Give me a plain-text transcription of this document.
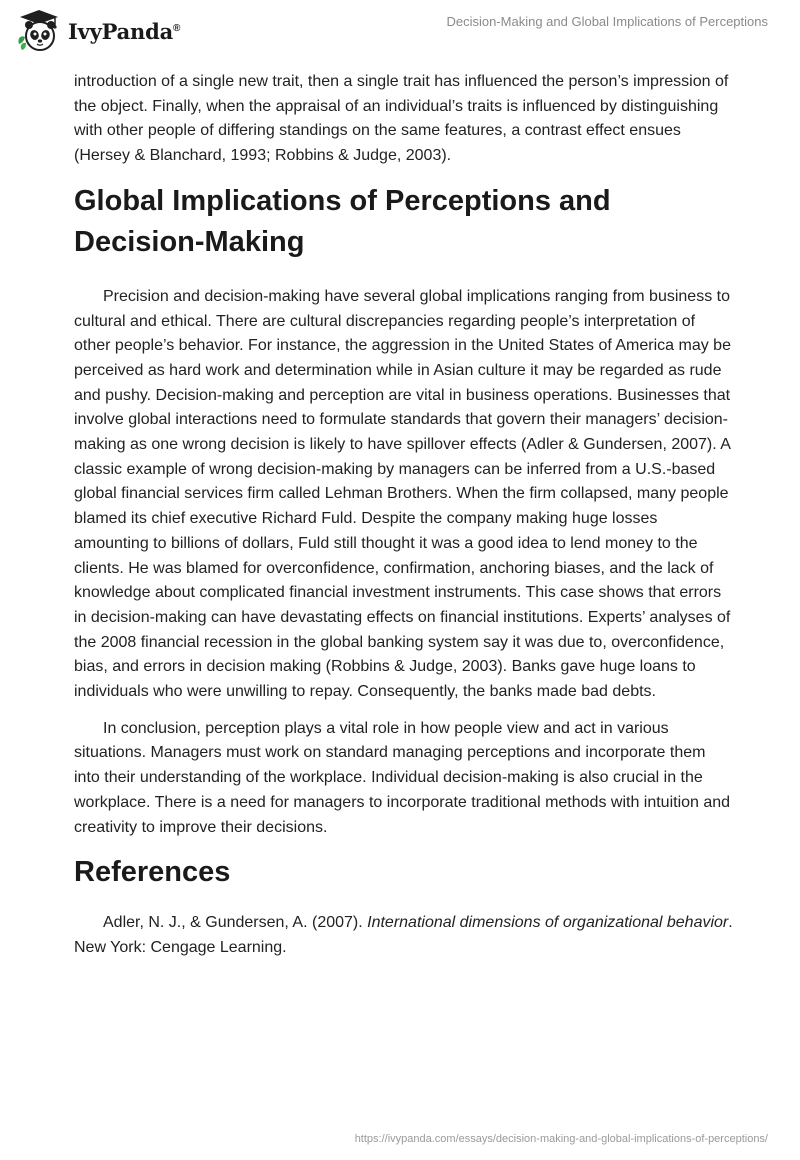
IvyPanda®	Decision-Making and Global Implications of Perceptions

introduction of a single new trait, then a single trait has influenced the person’s impression of the object. Finally, when the appraisal of an individual’s traits is influenced by distinguishing with other people of differing standings on the same features, a contrast effect ensues (Hersey & Blanchard, 1993; Robbins & Judge, 2003).

Global Implications of Perceptions and Decision-Making

Precision and decision-making have several global implications ranging from business to cultural and ethical. There are cultural discrepancies regarding people’s interpretation of other people’s behavior. For instance, the aggression in the United States of America may be perceived as hard work and determination while in Asian culture it may be regarded as rude and pushy. Decision-making and perception are vital in business operations. Businesses that involve global interactions need to formulate standards that govern their managers’ decision-making as one wrong decision is likely to have spillover effects (Adler & Gundersen, 2007). A classic example of wrong decision-making by managers can be inferred from a U.S.-based global financial services firm called Lehman Brothers. When the firm collapsed, many people blamed its chief executive Richard Fuld. Despite the company making huge losses amounting to billions of dollars, Fuld still thought it was a good idea to lend money to the clients. He was blamed for overconfidence, confirmation, anchoring biases, and the lack of knowledge about complicated financial investment instruments. This case shows that errors in decision-making can have devastating effects on financial institutions. Experts’ analyses of the 2008 financial recession in the global banking system say it was due to, overconfidence, bias, and errors in decision making (Robbins & Judge, 2003). Banks gave huge loans to individuals who were unwilling to repay. Consequently, the banks made bad debts.

In conclusion, perception plays a vital role in how people view and act in various situations. Managers must work on standard managing perceptions and incorporate them into their understanding of the workplace. Individual decision-making is also crucial in the workplace. There is a need for managers to incorporate traditional methods with intuition and creativity to improve their decisions.

References

Adler, N. J., & Gundersen, A. (2007). International dimensions of organizational behavior. New York: Cengage Learning.

https://ivypanda.com/essays/decision-making-and-global-implications-of-perceptions/
